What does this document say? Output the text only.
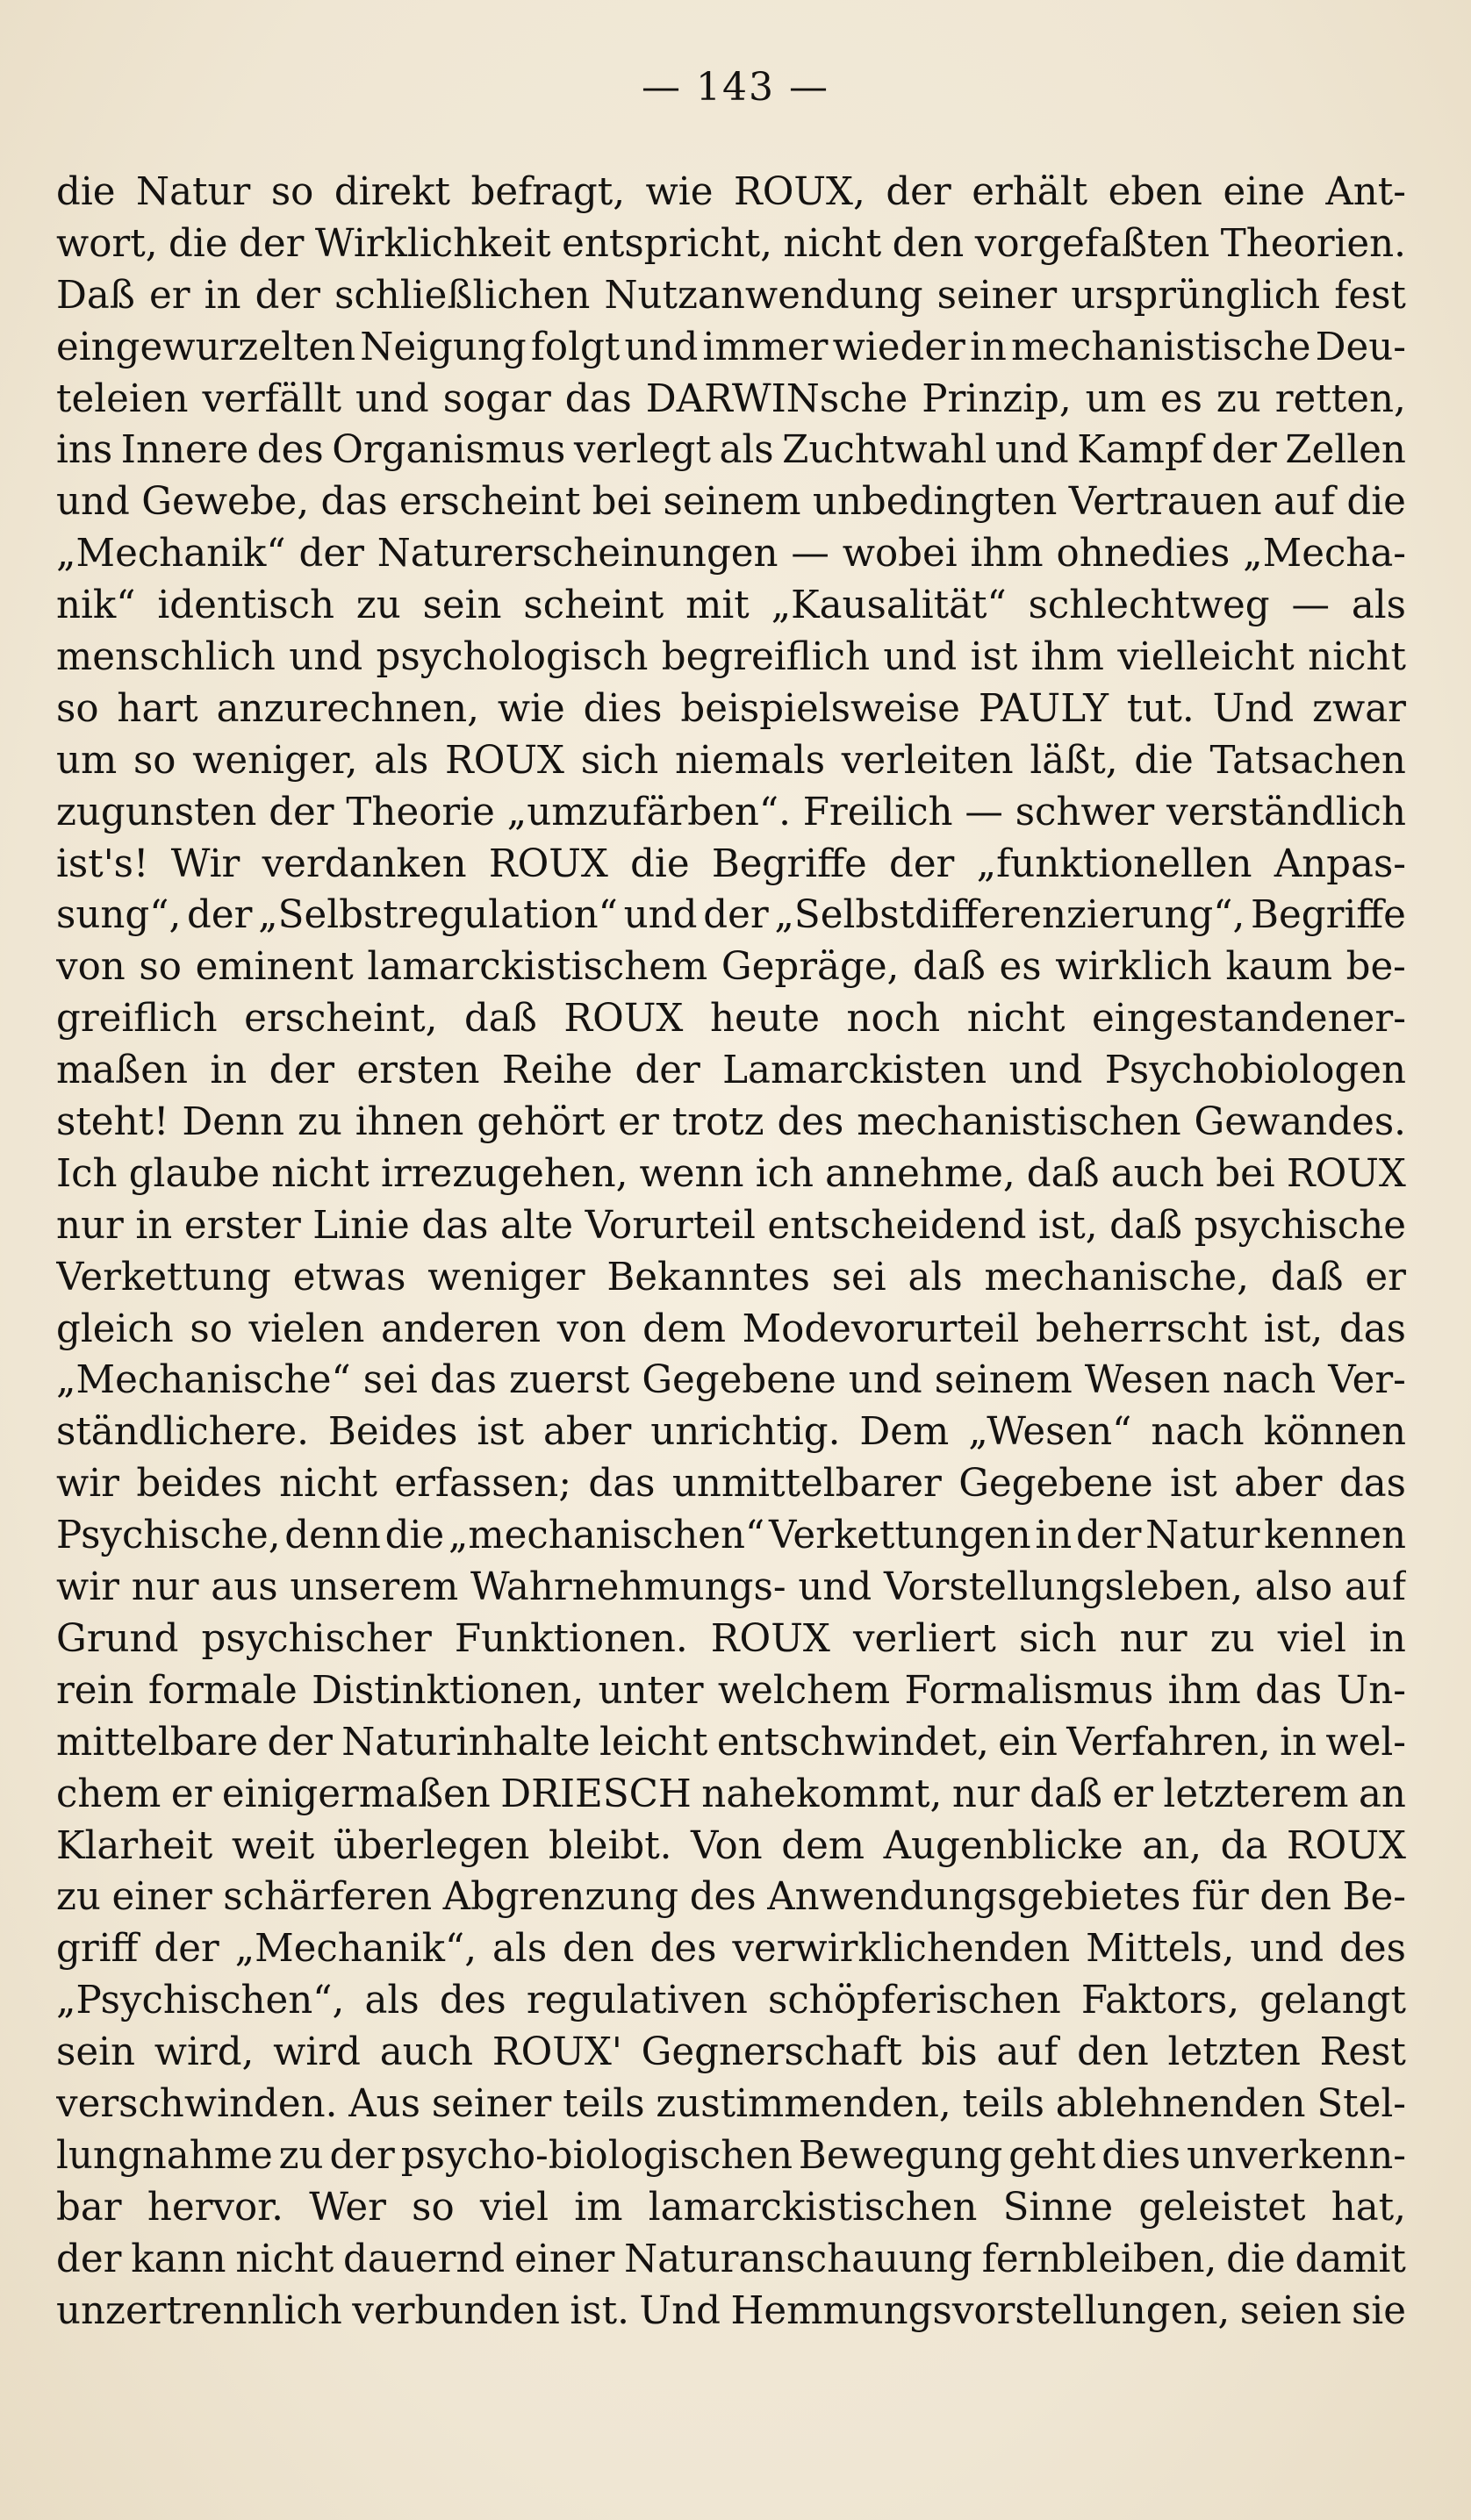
— 143 —
die Natur so direkt befragt, wie ROUX, der erhält eben eine Ant-
wort, die der Wirklichkeit entspricht, nicht den vorgefaßten Theorien.
Daß er in der schließlichen Nutzanwendung seiner ursprünglich fest
eingewurzelten Neigung folgt und immer wieder in mechanistische Deu-
teleien verfällt und sogar das DARWINsche Prinzip, um es zu retten,
ins Innere des Organismus verlegt als Zuchtwahl und Kampf der Zellen
und Gewebe, das erscheint bei seinem unbedingten Vertrauen auf die
„Mechanik“ der Naturerscheinungen — wobei ihm ohnedies „Mecha-
nik“ identisch zu sein scheint mit „Kausalität“ schlechtweg — als
menschlich und psychologisch begreiflich und ist ihm vielleicht nicht
so hart anzurechnen, wie dies beispielsweise PAULY tut. Und zwar
um so weniger, als ROUX sich niemals verleiten läßt, die Tatsachen
zugunsten der Theorie „umzufärben“. Freilich — schwer verständlich
ist's! Wir verdanken ROUX die Begriffe der „funktionellen Anpas-
sung“, der „Selbstregulation“ und der „Selbstdifferenzierung“, Begriffe
von so eminent lamarckistischem Gepräge, daß es wirklich kaum be-
greiflich erscheint, daß ROUX heute noch nicht eingestandener-
maßen in der ersten Reihe der Lamarckisten und Psychobiologen
steht! Denn zu ihnen gehört er trotz des mechanistischen Gewandes.
Ich glaube nicht irrezugehen, wenn ich annehme, daß auch bei ROUX
nur in erster Linie das alte Vorurteil entscheidend ist, daß psychische
Verkettung etwas weniger Bekanntes sei als mechanische, daß er
gleich so vielen anderen von dem Modevorurteil beherrscht ist, das
„Mechanische“ sei das zuerst Gegebene und seinem Wesen nach Ver-
ständlichere. Beides ist aber unrichtig. Dem „Wesen“ nach können
wir beides nicht erfassen; das unmittelbarer Gegebene ist aber das
Psychische, denn die „mechanischen“ Verkettungen in der Natur kennen
wir nur aus unserem Wahrnehmungs- und Vorstellungsleben, also auf
Grund psychischer Funktionen. ROUX verliert sich nur zu viel in
rein formale Distinktionen, unter welchem Formalismus ihm das Un-
mittelbare der Naturinhalte leicht entschwindet, ein Verfahren, in wel-
chem er einigermaßen DRIESCH nahekommt, nur daß er letzterem an
Klarheit weit überlegen bleibt. Von dem Augenblicke an, da ROUX
zu einer schärferen Abgrenzung des Anwendungsgebietes für den Be-
griff der „Mechanik“, als den des verwirklichenden Mittels, und des
„Psychischen“, als des regulativen schöpferischen Faktors, gelangt
sein wird, wird auch ROUX' Gegnerschaft bis auf den letzten Rest
verschwinden. Aus seiner teils zustimmenden, teils ablehnenden Stel-
lungnahme zu der psycho-biologischen Bewegung geht dies unverkenn-
bar hervor. Wer so viel im lamarckistischen Sinne geleistet hat,
der kann nicht dauernd einer Naturanschauung fernbleiben, die damit
unzertrennlich verbunden ist. Und Hemmungsvorstellungen, seien sie
